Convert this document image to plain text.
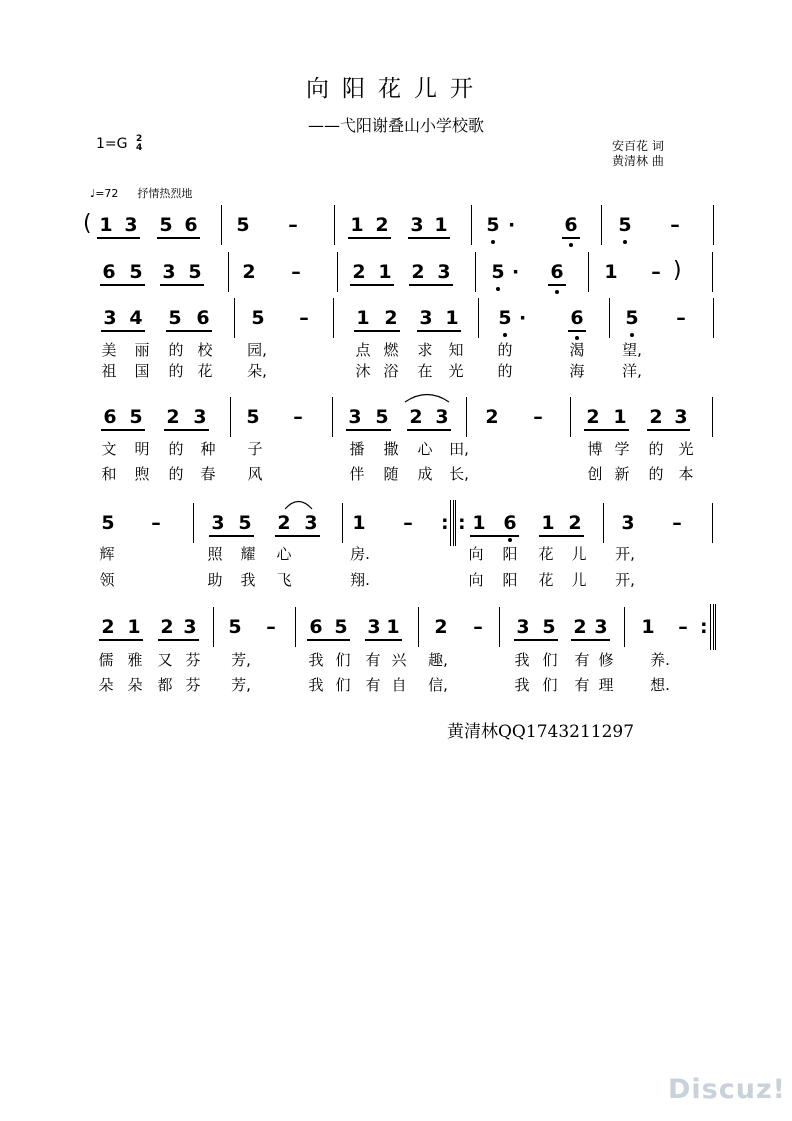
向阳花儿开
——弋阳谢叠山小学校歌
1=G 2
4	安百花 词
黄清林 曲
♩=72 抒情热烈地
( 1 3 5 6 5 –	1 2 3 1 5 ·	6 5 –
6 5 3 5 2 –	2 1 2 3 5 · 6 1 – )
3 4 5 6 5 –	1 2 3 1 5 · 6 5 –
美 丽 的 校 园,	点 燃 求 知 的	渴	望,
祖 国 的 花 朵,	沐 浴 在 光 的	海	洋,
6 5 2 3 5 – 3 5 2 3 2 – 2 1 2 3
文 明 的 种 子	播 撒 心 田,	博 学 的 光
和 煦 的 春 风	伴 随 成 长,	创 新 的 本
5 –	3 5 2 3 1 – : : 1 6 1 2 3 –
辉	照 耀 心	房.	向 阳 花 儿 开,
领	助 我 飞	翔.	向 阳 花 儿 开,
2 1 2 3 5 – 6 5 3 1 2 – 3 5 2 3 1 – :
儒 雅 又 芬 芳,	我 们 有 兴 趣,	我 们 有 修 养.
朵 朵 都 芬 芳,	我 们 有 自 信,	我 们 有 理 想.
黄清林QQ1743211297
Discuz!
